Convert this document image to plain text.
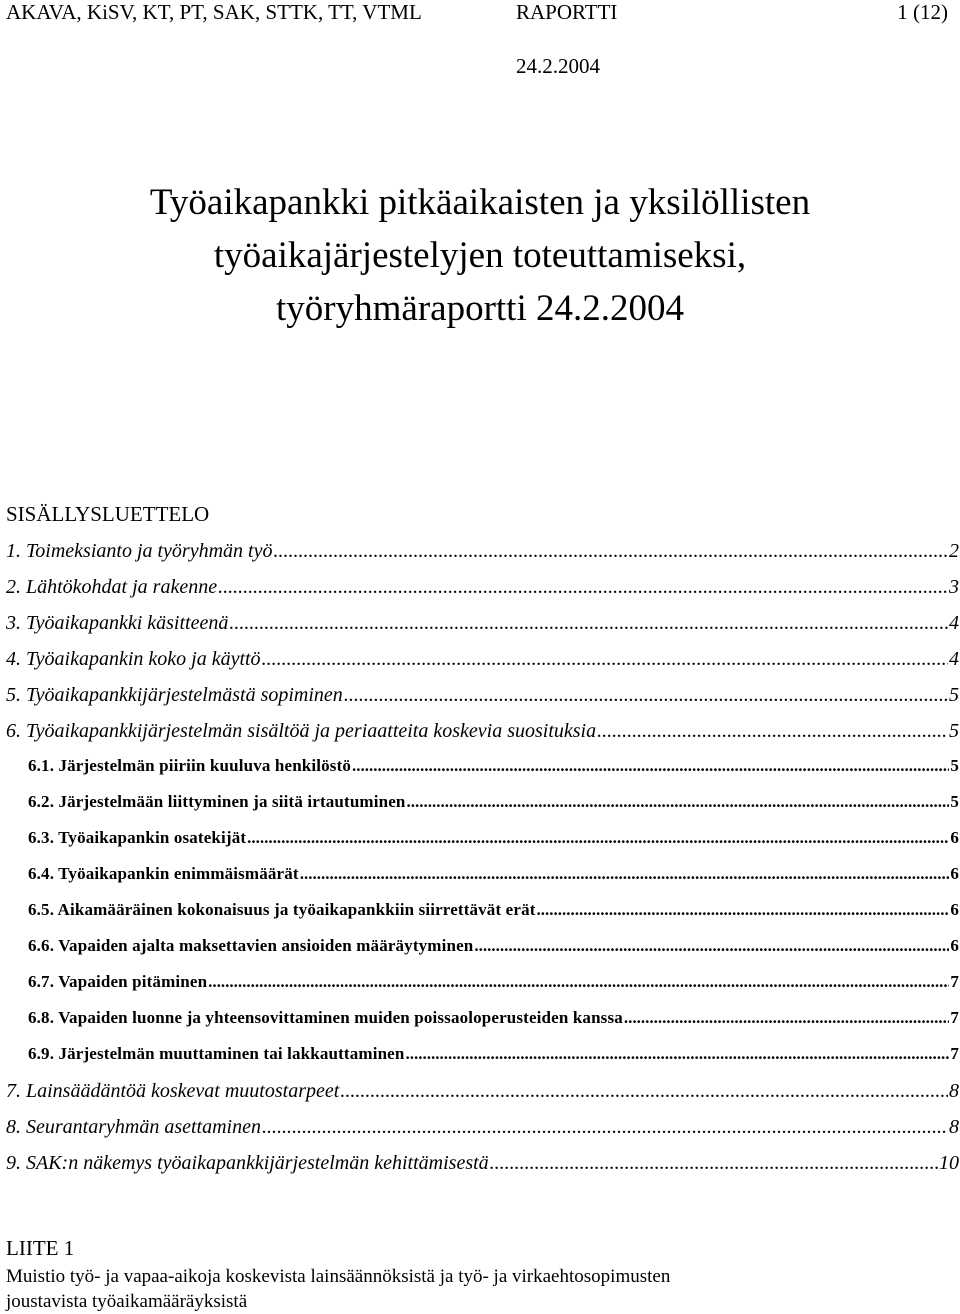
AKAVA, KiSV, KT, PT, SAK, STTK, TT, VTML	RAPORTTI	1 (12)
24.2.2004
Työaikapankki pitkäaikaisten ja yksilöllisten
työaikajärjestelyjen toteuttamiseksi,
työryhmäraportti 24.2.2004
SISÄLLYSLUETTELO
1. Toimeksianto ja työryhmän työ .....	2
2. Lähtökohdat ja rakenne .....	3
3. Työaikapankki käsitteenä .....	4
4. Työaikapankin koko ja käyttö .....	4
5. Työaikapankkijärjestelmästä sopiminen .....	5
6. Työaikapankkijärjestelmän sisältöä ja periaatteita koskevia suosituksia .....	5
6.1. Järjestelmän piiriin kuuluva henkilöstö .....	5
6.2. Järjestelmään liittyminen ja siitä irtautuminen .....	5
6.3. Työaikapankin osatekijät .....	6
6.4. Työaikapankin enimmäismäärät .....	6
6.5. Aikamääräinen kokonaisuus ja työaikapankkiin siirrettävät erät .....	6
6.6. Vapaiden ajalta maksettavien ansioiden määräytyminen .....	6
6.7. Vapaiden pitäminen .....	7
6.8. Vapaiden luonne ja yhteensovittaminen muiden poissaoloperusteiden kanssa .....	7
6.9. Järjestelmän muuttaminen tai lakkauttaminen .....	7
7. Lainsäädäntöä koskevat muutostarpeet .....	8
8. Seurantaryhmän asettaminen .....	8
9. SAK:n näkemys työaikapankkijärjestelmän kehittämisestä .....	10
LIITE 1
Muistio työ- ja vapaa-aikoja koskevista lainsäännöksistä ja työ- ja virkaehtosopimusten
joustavista työaikamääräyksistä
